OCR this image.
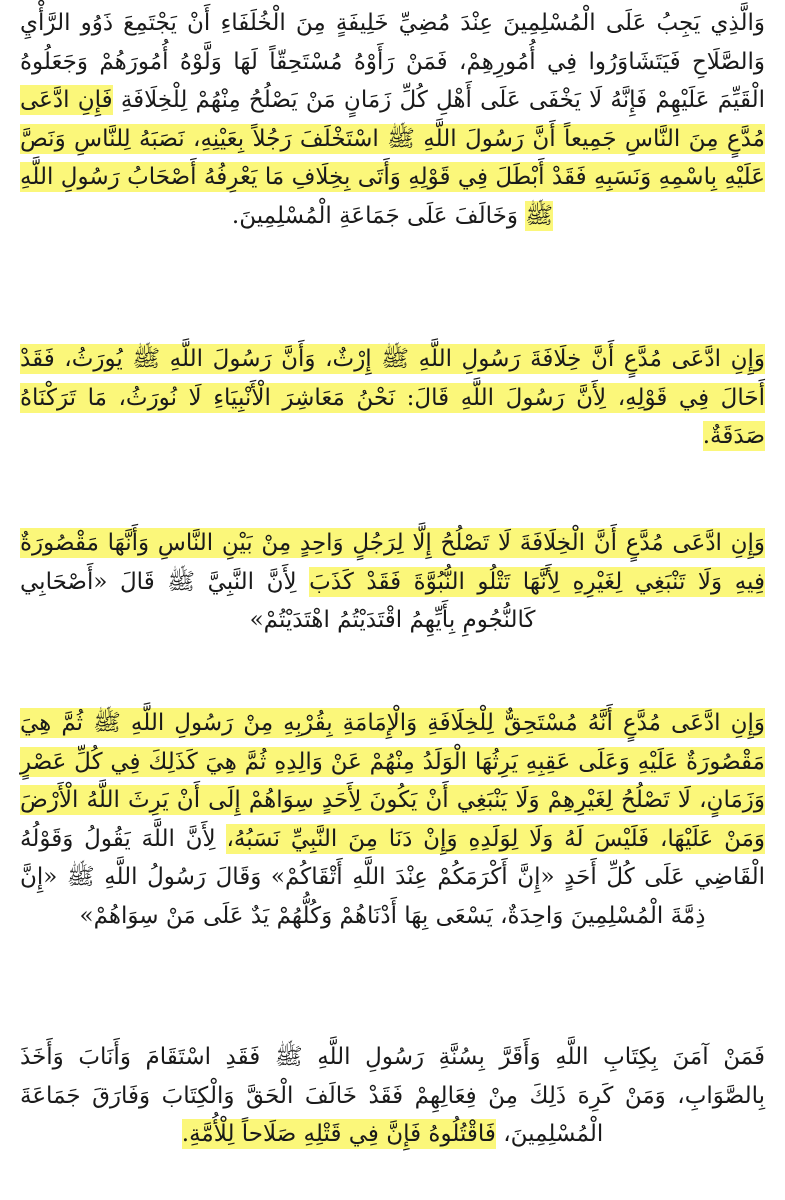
وَالَّذِي يَجِبُ عَلَى الْمُسْلِمِينَ عِنْدَ مُضِيِّ خَلِيفَةٍ مِنَ الْخُلَفَاءِ أَنْ يَجْتَمِعَ ذَوُو الرَّأْيِ وَالصَّلَاحِ فَيَتَشَاوَرُوا فِي أُمُورِهِمْ، فَمَنْ رَأَوْهُ مُسْتَحِقّاً لَهَا وَلَّوْهُ أُمُورَهُمْ وَجَعَلُوهُ الْقَيِّمَ عَلَيْهِمْ فَإِنَّهُ لَا يَخْفَى عَلَى أَهْلِ كُلِّ زَمَانٍ مَنْ يَصْلُحُ مِنْهُمْ لِلْخِلَافَةِ فَإِنِ ادَّعَى مُدَّعٍ مِنَ النَّاسِ جَمِيعاً أَنَّ رَسُولَ اللَّهِ ﷺ اسْتَخْلَفَ رَجُلاً بِعَيْنِهِ، نَصَبَهُ لِلنَّاسِ وَنَصَّ عَلَيْهِ بِاسْمِهِ وَنَسَبِهِ فَقَدْ أَبْطَلَ فِي قَوْلِهِ وَأَتَى بِخِلَافِ مَا يَعْرِفُهُ أَصْحَابُ رَسُولِ اللَّهِ ﷺ وَخَالَفَ عَلَى جَمَاعَةِ الْمُسْلِمِينَ.

وَإِنِ ادَّعَى مُدَّعٍ أَنَّ خِلَافَةَ رَسُولِ اللَّهِ ﷺ إِرْثٌ، وَأَنَّ رَسُولَ اللَّهِ ﷺ يُورَثُ، فَقَدْ أَحَالَ فِي قَوْلِهِ، لِأَنَّ رَسُولَ اللَّهِ قَالَ: نَحْنُ مَعَاشِرَ الْأَنْبِيَاءِ لَا نُورَثُ، مَا تَرَكْنَاهُ صَدَقَةٌ.

وَإِنِ ادَّعَى مُدَّعٍ أَنَّ الْخِلَافَةَ لَا تَصْلُحُ إِلَّا لِرَجُلٍ وَاحِدٍ مِنْ بَيْنِ النَّاسِ وَأَنَّهَا مَقْصُورَةٌ فِيهِ وَلَا تَنْبَغِي لِغَيْرِهِ لِأَنَّهَا تَتْلُو النُّبُوَّةَ فَقَدْ كَذَبَ لِأَنَّ النَّبِيَّ ﷺ قَالَ «أَصْحَابِي كَالنُّجُومِ بِأَيِّهِمُ اقْتَدَيْتُمُ اهْتَدَيْتُمْ»

وَإِنِ ادَّعَى مُدَّعٍ أَنَّهُ مُسْتَحِقٌّ لِلْخِلَافَةِ وَالْإِمَامَةِ بِقُرْبِهِ مِنْ رَسُولِ اللَّهِ ﷺ ثُمَّ هِيَ مَقْصُورَةٌ عَلَيْهِ وَعَلَى عَقِبِهِ يَرِثُهَا الْوَلَدُ مِنْهُمْ عَنْ وَالِدِهِ ثُمَّ هِيَ كَذَلِكَ فِي كُلِّ عَصْرٍ وَزَمَانٍ، لَا تَصْلُحُ لِغَيْرِهِمْ وَلَا يَنْبَغِي أَنْ يَكُونَ لِأَحَدٍ سِوَاهُمْ إِلَى أَنْ يَرِثَ اللَّهُ الْأَرْضَ وَمَنْ عَلَيْهَا، فَلَيْسَ لَهُ وَلَا لِوَلَدِهِ وَإِنْ دَنَا مِنَ النَّبِيِّ نَسَبُهُ، لِأَنَّ اللَّهَ يَقُولُ وَقَوْلُهُ الْقَاضِي عَلَى كُلِّ أَحَدٍ «إِنَّ أَكْرَمَكُمْ عِنْدَ اللَّهِ أَتْقَاكُمْ» وَقَالَ رَسُولُ اللَّهِ ﷺ «إِنَّ ذِمَّةَ الْمُسْلِمِينَ وَاحِدَةٌ، يَسْعَى بِهَا أَدْنَاهُمْ وَكُلُّهُمْ يَدٌ عَلَى مَنْ سِوَاهُمْ»

فَمَنْ آمَنَ بِكِتَابِ اللَّهِ وَأَقَرَّ بِسُنَّةِ رَسُولِ اللَّهِ ﷺ فَقَدِ اسْتَقَامَ وَأَنَابَ وَأَخَذَ بِالصَّوَابِ، وَمَنْ كَرِهَ ذَلِكَ مِنْ فِعَالِهِمْ فَقَدْ خَالَفَ الْحَقَّ وَالْكِتَابَ وَفَارَقَ جَمَاعَةَ الْمُسْلِمِينَ، فَاقْتُلُوهُ فَإِنَّ فِي قَتْلِهِ صَلَاحاً لِلْأُمَّةِ.
